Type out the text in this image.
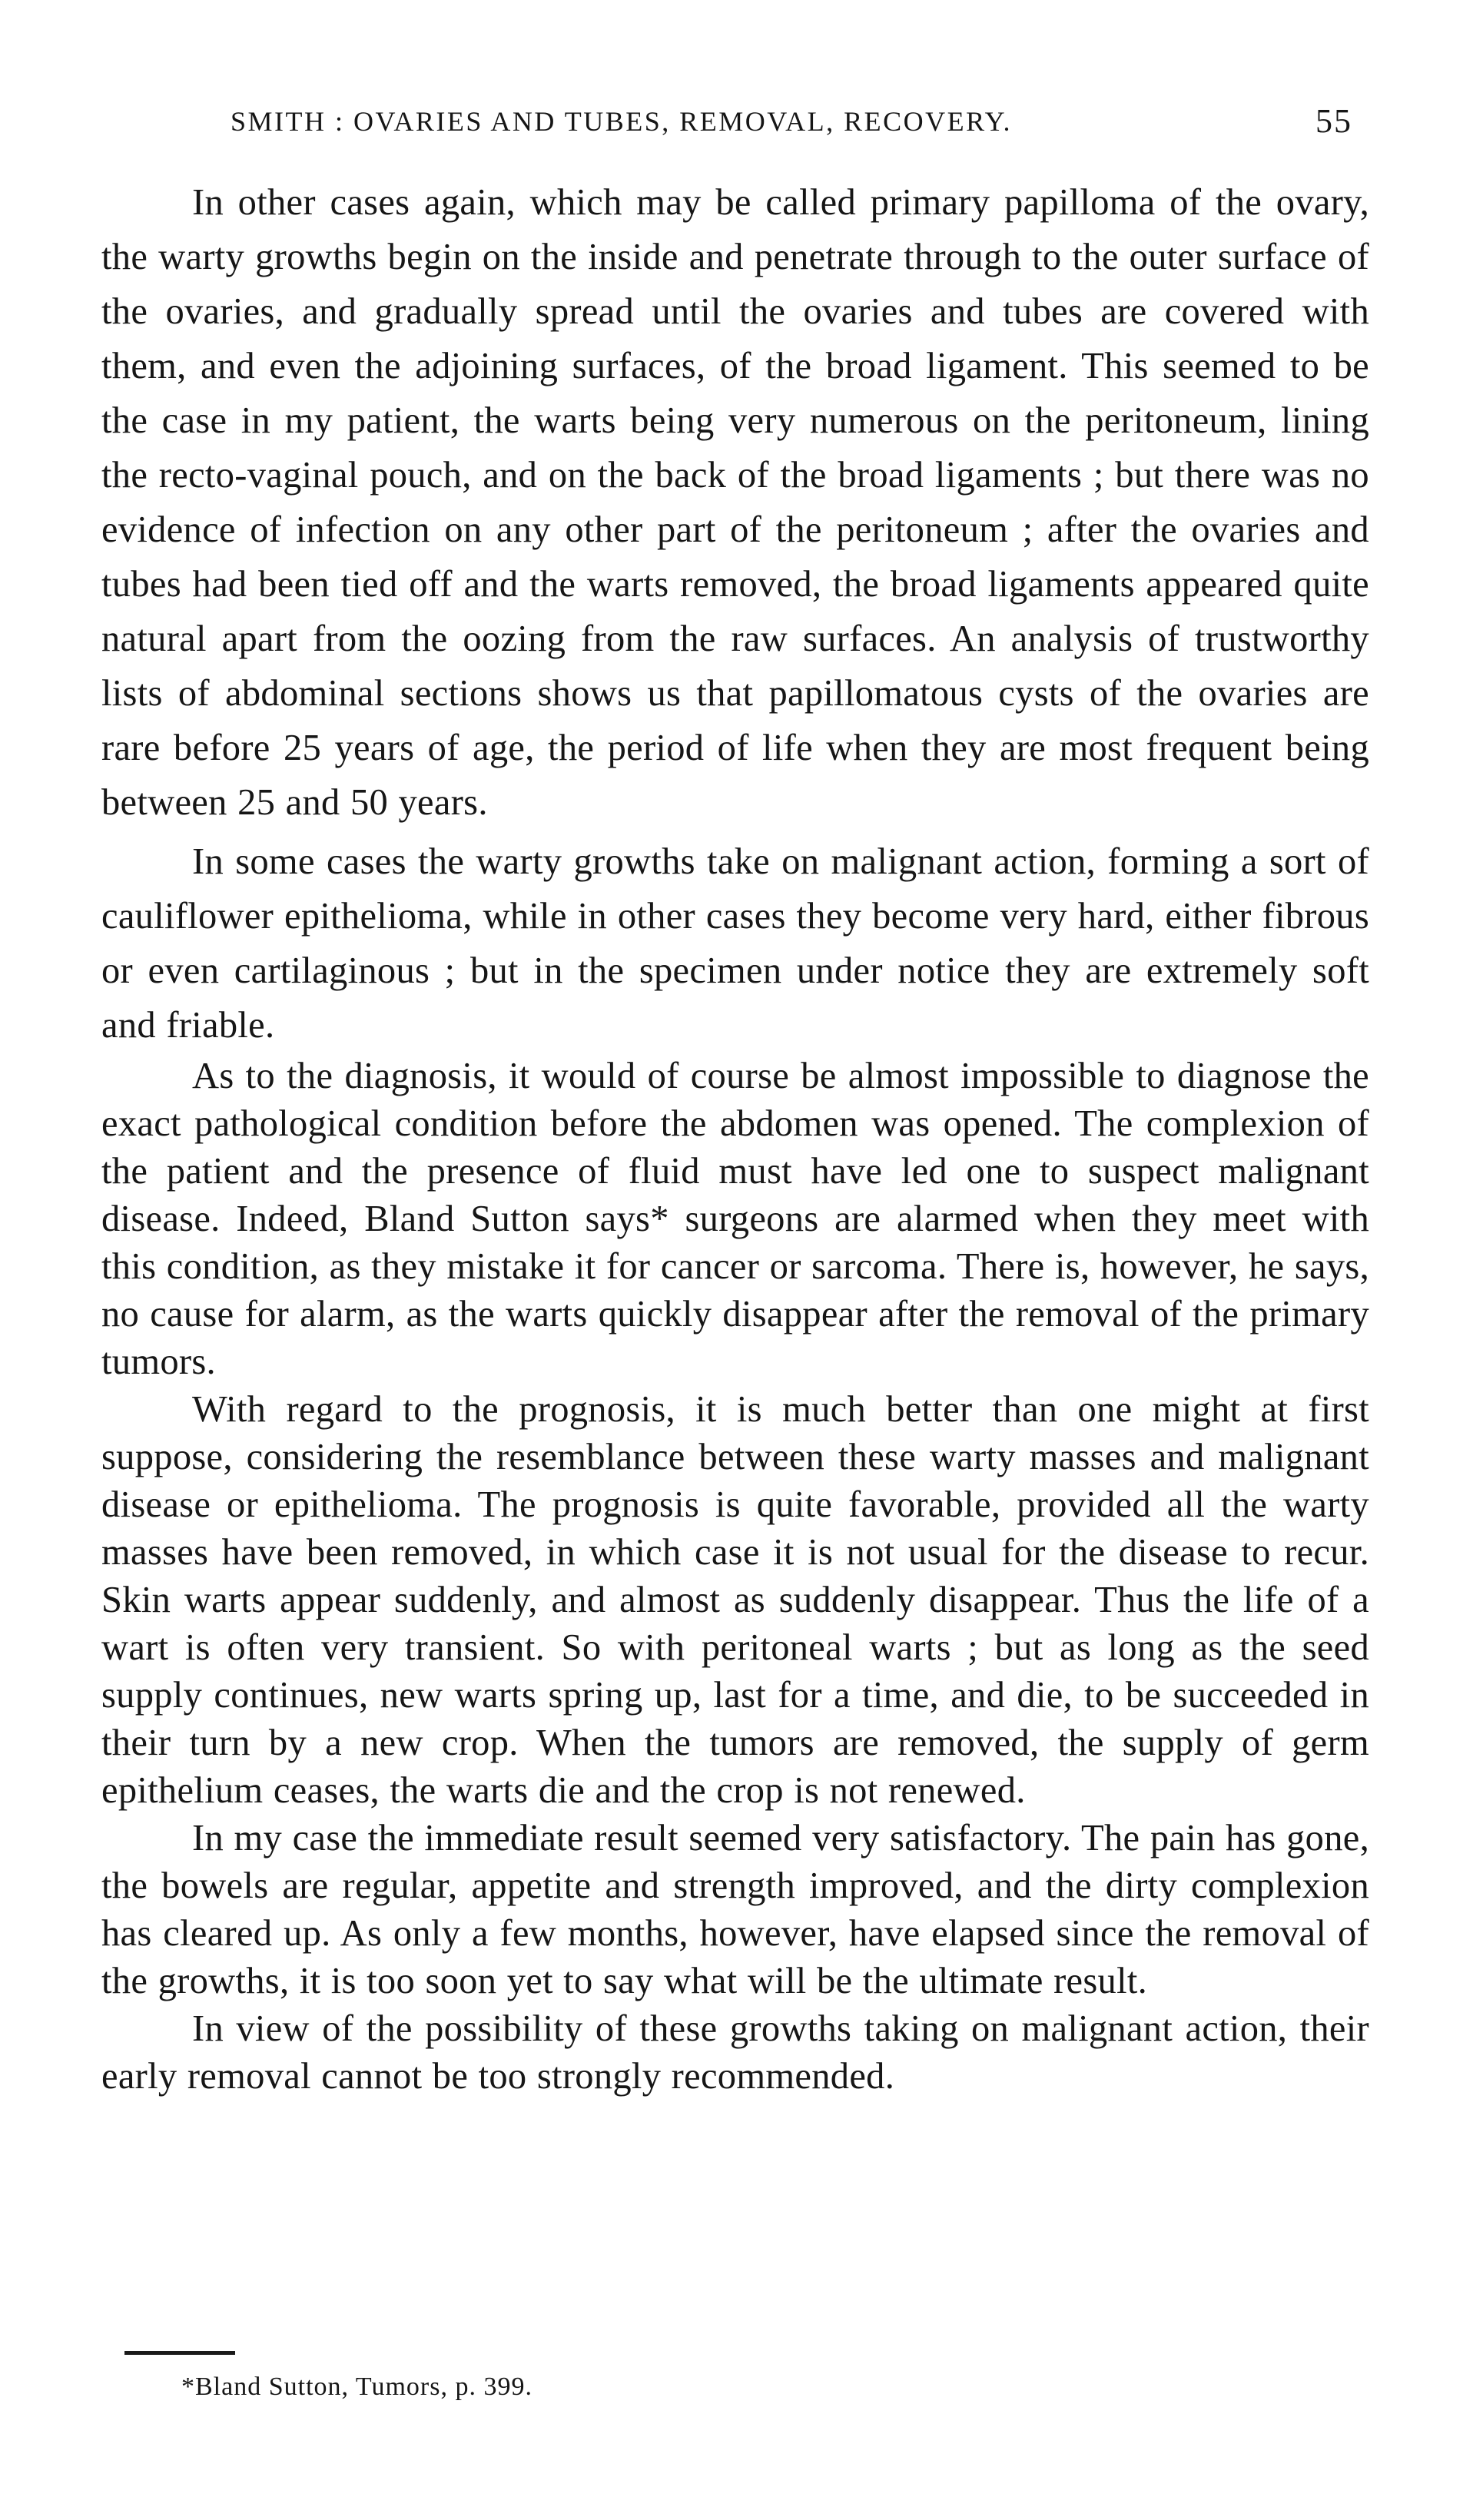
SMITH : OVARIES AND TUBES, REMOVAL, RECOVERY.	55

In other cases again, which may be called primary papilloma of the ovary, the warty growths begin on the inside and penetrate through to the outer surface of the ovaries, and gradually spread until the ovaries and tubes are covered with them, and even the adjoining surfaces, of the broad ligament. This seemed to be the case in my patient, the warts being very numerous on the peritoneum, lining the recto-vaginal pouch, and on the back of the broad ligaments ; but there was no evidence of infection on any other part of the peritoneum ; after the ovaries and tubes had been tied off and the warts removed, the broad ligaments appeared quite natural apart from the oozing from the raw surfaces. An analysis of trustworthy lists of abdominal sections shows us that papillomatous cysts of the ovaries are rare before 25 years of age, the period of life when they are most frequent being between 25 and 50 years.

In some cases the warty growths take on malignant action, forming a sort of cauliflower epithelioma, while in other cases they become very hard, either fibrous or even cartilaginous ; but in the specimen under notice they are extremely soft and friable.

As to the diagnosis, it would of course be almost impossible to diagnose the exact pathological condition before the abdomen was opened. The complexion of the patient and the presence of fluid must have led one to suspect malignant disease. Indeed, Bland Sutton says* surgeons are alarmed when they meet with this condition, as they mistake it for cancer or sarcoma. There is, however, he says, no cause for alarm, as the warts quickly disappear after the removal of the primary tumors.

With regard to the prognosis, it is much better than one might at first suppose, considering the resemblance between these warty masses and malignant disease or epithelioma. The prognosis is quite favorable, provided all the warty masses have been removed, in which case it is not usual for the disease to recur. Skin warts appear suddenly, and almost as suddenly disappear. Thus the life of a wart is often very transient. So with peritoneal warts ; but as long as the seed supply continues, new warts spring up, last for a time, and die, to be succeeded in their turn by a new crop. When the tumors are removed, the supply of germ epithelium ceases, the warts die and the crop is not renewed.

In my case the immediate result seemed very satisfactory. The pain has gone, the bowels are regular, appetite and strength improved, and the dirty complexion has cleared up. As only a few months, however, have elapsed since the removal of the growths, it is too soon yet to say what will be the ultimate result.

In view of the possibility of these growths taking on malignant action, their early removal cannot be too strongly recommended.

*Bland Sutton, Tumors, p. 399.
